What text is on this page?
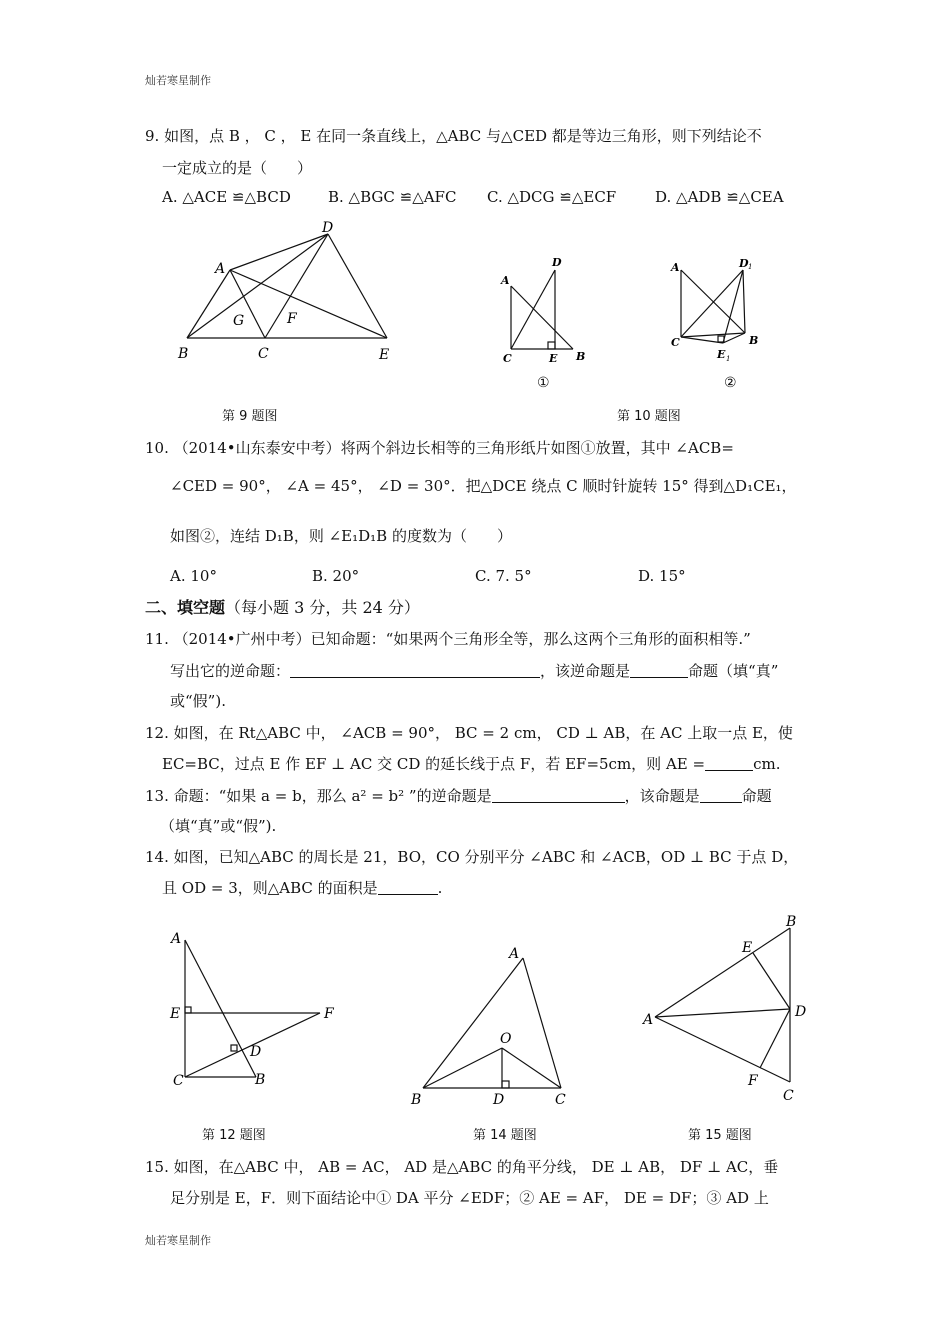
灿若寒星制作
灿若寒星制作
9. 如图，点 B ， C ， E 在同一条直线上，△ABC 与△CED 都是等边三角形，则下列结论不
一定成立的是（　　）
A. △ACE ≌△BCD B. △BGC ≌△AFC C. △DCG ≌△ECF	D. △ADB ≌△CEA
A
B	C
D
E
F
G
第 9 题图
A
D
C	E B
①
A	D 1
C
E 1
B
②
第 10 题图
10. （2014•山东泰安中考）将两个斜边长相等的三角形纸片如图①放置，其中 ∠ACB=
∠CED = 90°， ∠A = 45°， ∠D = 30°．把△DCE 绕点 C 顺时针旋转 15° 得到△D₁CE₁，
如图②，连结 D₁B，则 ∠E₁D₁B 的度数为（　　）
A. 10°	B. 20°	C. 7. 5°	D. 15°
二、填空题（每小题 3 分，共 24 分）
11. （2014•广州中考）已知命题：“如果两个三角形全等，那么这两个三角形的面积相等.”
写出它的逆命题：	，该逆命题是	命题（填“真”
或“假”).
12. 如图，在 Rt△ABC 中， ∠ACB = 90°， BC = 2 cm， CD ⊥ AB，在 AC 上取一点 E，使
EC=BC，过点 E 作 EF ⊥ AC 交 CD 的延长线于点 F，若 EF=5cm，则 AE =	cm.
13. 命题：“如果 a = b，那么 a² = b² ”的逆命题是	，该命题是	命题
（填“真”或“假”).
14. 如图，已知△ABC 的周长是 21，BO，CO 分别平分 ∠ABC 和 ∠ACB，OD ⊥ BC 于点 D，
且 OD = 3，则△ABC 的面积是	.
A
E	F
D
C	B
第 12 题图
A
O
B	D	C
第 14 题图
B
E
A	D
F
C
第 15 题图
15. 如图，在△ABC 中， AB = AC， AD 是△ABC 的角平分线， DE ⊥ AB， DF ⊥ AC，垂
足分别是 E，F．则下面结论中① DA 平分 ∠EDF；② AE = AF， DE = DF；③ AD 上
